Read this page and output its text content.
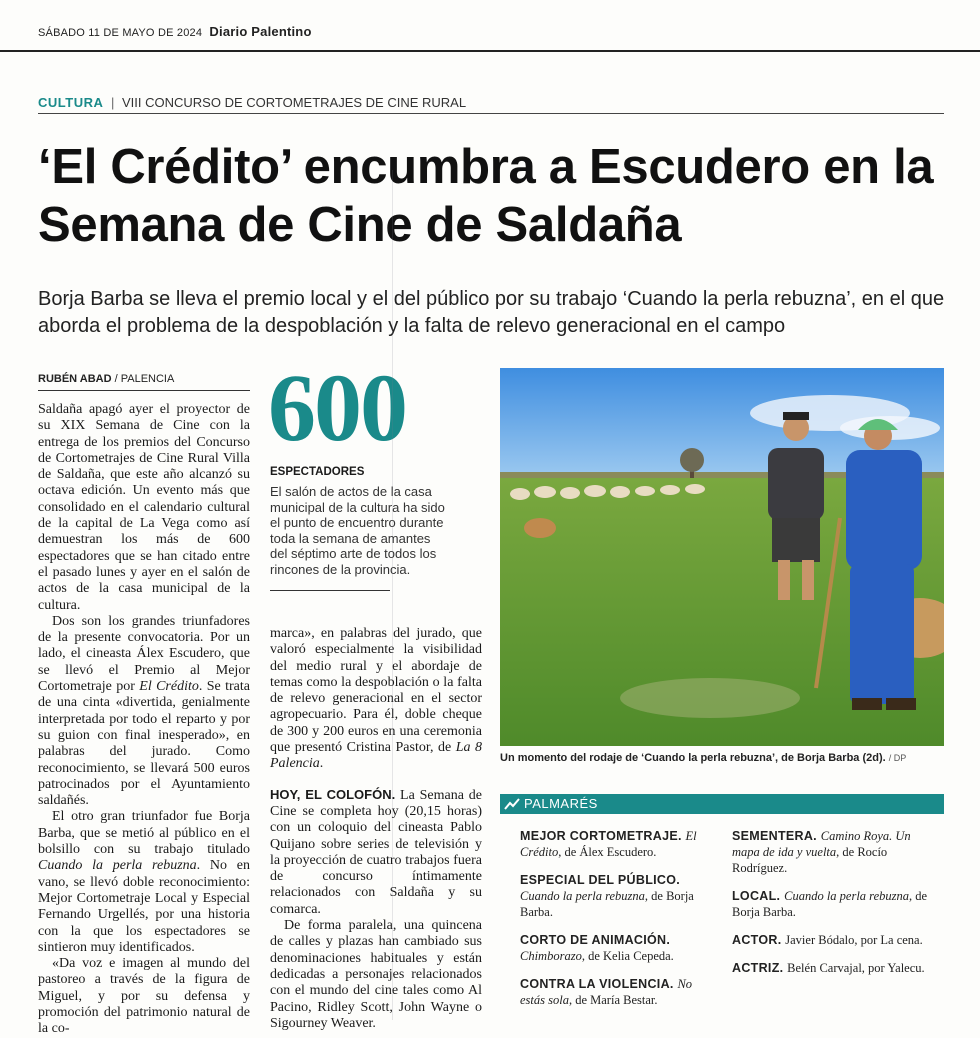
SÁBADO 11 DE MAYO DE 2024 Diario Palentino
CULTURA | VIII CONCURSO DE CORTOMETRAJES DE CINE RURAL
‘El Crédito’ encumbra a Escudero en la Semana de Cine de Saldaña
Borja Barba se lleva el premio local y el del público por su trabajo ‘Cuando la perla rebuzna’, en el que aborda el problema de la despoblación y la falta de relevo generacional en el campo
RUBÉN ABAD / PALENCIA

Saldaña apagó ayer el proyector de su XIX Semana de Cine con la entrega de los premios del Concurso de Cortometrajes de Cine Rural Villa de Saldaña, que este año alcanzó su octava edición. Un evento más que consolidado en el calendario cultural de la capital de La Vega como así demuestran los más de 600 espectadores que se han citado entre el pasado lunes y ayer en el salón de actos de la casa municipal de la cultura.

Dos son los grandes triunfadores de la presente convocatoria. Por un lado, el cineasta Álex Escudero, que se llevó el Premio al Mejor Cortometraje por El Crédito. Se trata de una cinta «divertida, genialmente interpretada por todo el reparto y por su guion con final inesperado», en palabras del jurado. Como reconocimiento, se llevará 500 euros patrocinados por el Ayuntamiento saldañés.

El otro gran triunfador fue Borja Barba, que se metió al público en el bolsillo con su trabajo titulado Cuando la perla rebuzna. No en vano, se llevó doble reconocimiento: Mejor Cortometraje Local y Especial Fernando Urgellés, por una historia con la que los espectadores se sintieron muy identificados.

«Da voz e imagen al mundo del pastoreo a través de la figura de Miguel, y por su defensa y promoción del patrimonio natural de la co-

600
ESPECTADORES
El salón de actos de la casa municipal de la cultura ha sido el punto de encuentro durante toda la semana de amantes del séptimo arte de todos los rincones de la provincia.

marca», en palabras del jurado, que valoró especialmente la visibilidad del medio rural y el abordaje de temas como la despoblación o la falta de relevo generacional en el sector agropecuario. Para él, doble cheque de 300 y 200 euros en una ceremonia que presentó Cristina Pastor, de La 8 Palencia.

HOY, EL COLOFÓN. La Semana de Cine se completa hoy (20,15 horas) con un coloquio del cineasta Pablo Quijano sobre series de televisión y la proyección de cuatro trabajos fuera de concurso íntimamente relacionados con Saldaña y su comarca.

De forma paralela, una quincena de calles y plazas han cambiado sus denominaciones habituales y están dedicadas a personajes relacionados con el mundo del cine tales como Al Pacino, Ridley Scott, John Wayne o Sigourney Weaver.

Un momento del rodaje de ‘Cuando la perla rebuzna’, de Borja Barba (2d). / DP
PALMARÉS
MEJOR CORTOMETRAJE. El Crédito, de Álex Escudero.
ESPECIAL DEL PÚBLICO. Cuando la perla rebuzna, de Borja Barba.
CORTO DE ANIMACIÓN. Chimborazo, de Kelia Cepeda.
CONTRA LA VIOLENCIA. No estás sola, de María Bestar.
SEMENTERA. Camino Roya. Un mapa de ida y vuelta, de Rocío Rodríguez.
LOCAL. Cuando la perla rebuzna, de Borja Barba.
ACTOR. Javier Bódalo, por La cena.
ACTRIZ. Belén Carvajal, por Yalecu.
